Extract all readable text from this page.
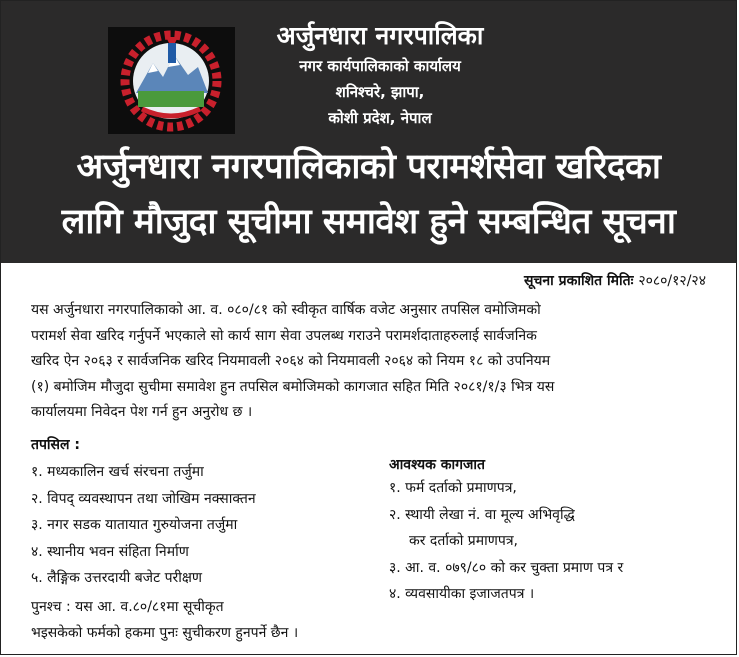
अर्जुनधारा नगरपालिका
नगर कार्यपालिकाको कार्यालय
शनिश्चरे, झापा,
कोशी प्रदेश, नेपाल
अर्जुनधारा नगरपालिकाको परामर्शसेवा खरिदका
लागि मौजुदा सूचीमा समावेश हुने सम्बन्धित सूचना
सूचना प्रकाशित मितिः २०८०/१२/२४
यस अर्जुनधारा नगरपालिकाको आ. व. ०८०/८१ को स्वीकृत वार्षिक वजेट अनुसार तपसिल वमोजिमको
परामर्श सेवा खरिद गर्नुपर्ने भएकाले सो कार्य साग सेवा उपलब्ध गराउने परामर्शदाताहरुलाई सार्वजनिक
खरिद ऐन २०६३ र सार्वजनिक खरिद नियमावली २०६४ को नियमावली २०६४ को नियम १८ को उपनियम
(१) बमोजिम मौजुदा सुचीमा समावेश हुन तपसिल बमोजिमको कागजात सहित मिति २०८१/१/३ भित्र यस
कार्यालयमा निवेदन पेश गर्न हुन अनुरोध छ ।
तपसिल :
१. मध्यकालिन खर्च संरचना तर्जुमा
२. विपद् व्यवस्थापन तथा जोखिम नक्साक्तन
३. नगर सडक यातायात गुरुयोजना तर्जुमा
४. स्थानीय भवन संहिता निर्माण
५. लैङ्गिक उत्तरदायी बजेट परीक्षण
आवश्यक कागजात
१. फर्म दर्ताको प्रमाणपत्र,
२. स्थायी लेखा नं. वा मूल्य अभिवृद्धि
कर दर्ताको प्रमाणपत्र,
३. आ. व. ०७९/८० को कर चुक्ता प्रमाण पत्र र
४. व्यवसायीका इजाजतपत्र ।
पुनश्च : यस आ. व.८०/८१मा सूचीकृत
भइसकेको फर्मको हकमा पुनः सुचीकरण हुनपर्ने छैन ।
